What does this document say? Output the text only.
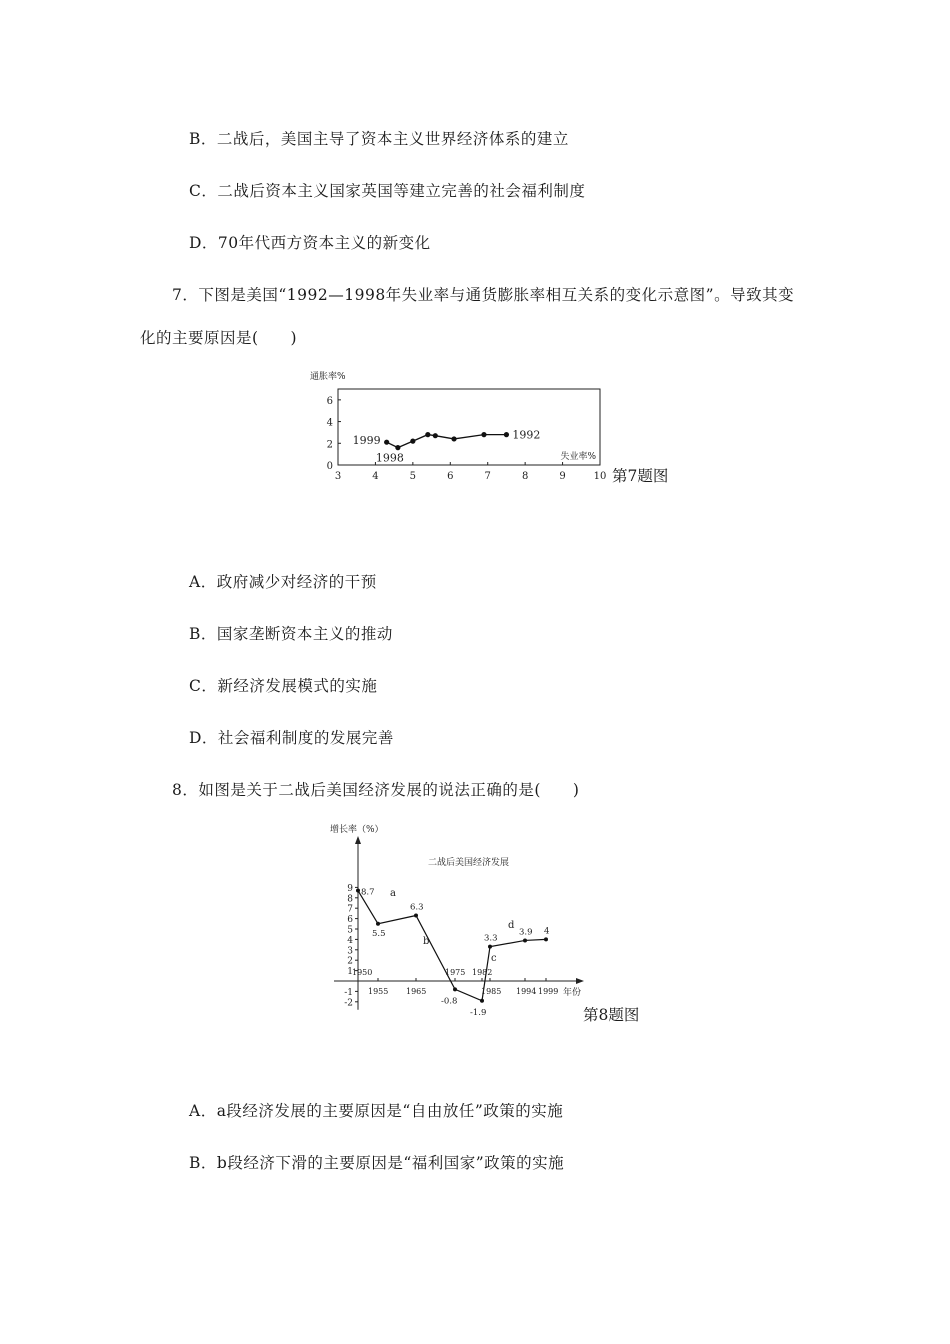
B．二战后，美国主导了资本主义世界经济体系的建立
C．二战后资本主义国家英国等建立完善的社会福利制度
D．70年代西方资本主义的新变化
7．下图是美国“1992—1998年失业率与通货膨胀率相互关系的变化示意图”。导致其变
化的主要原因是(　　)
通胀率%
失业率%
3	4	5	6	7	8	9	10
0
2
4
6
1999
1998
1992
第7题图
A．政府减少对经济的干预
B．国家垄断资本主义的推动
C．新经济发展模式的实施
D．社会福利制度的发展完善
8．如图是关于二战后美国经济发展的说法正确的是(　　)
增长率（%）
二战后美国经济发展
年份
-2
-1
1
2
3
4
5
6
7
8
9 8.7
5.5
6.3
-0.8
-1.9
3.3
3.9 4
1950
1955 1965
1975 1982
1985 1994 1999
a
b
c
d
第8题图
A．a段经济发展的主要原因是“自由放任”政策的实施
B．b段经济下滑的主要原因是“福利国家”政策的实施
